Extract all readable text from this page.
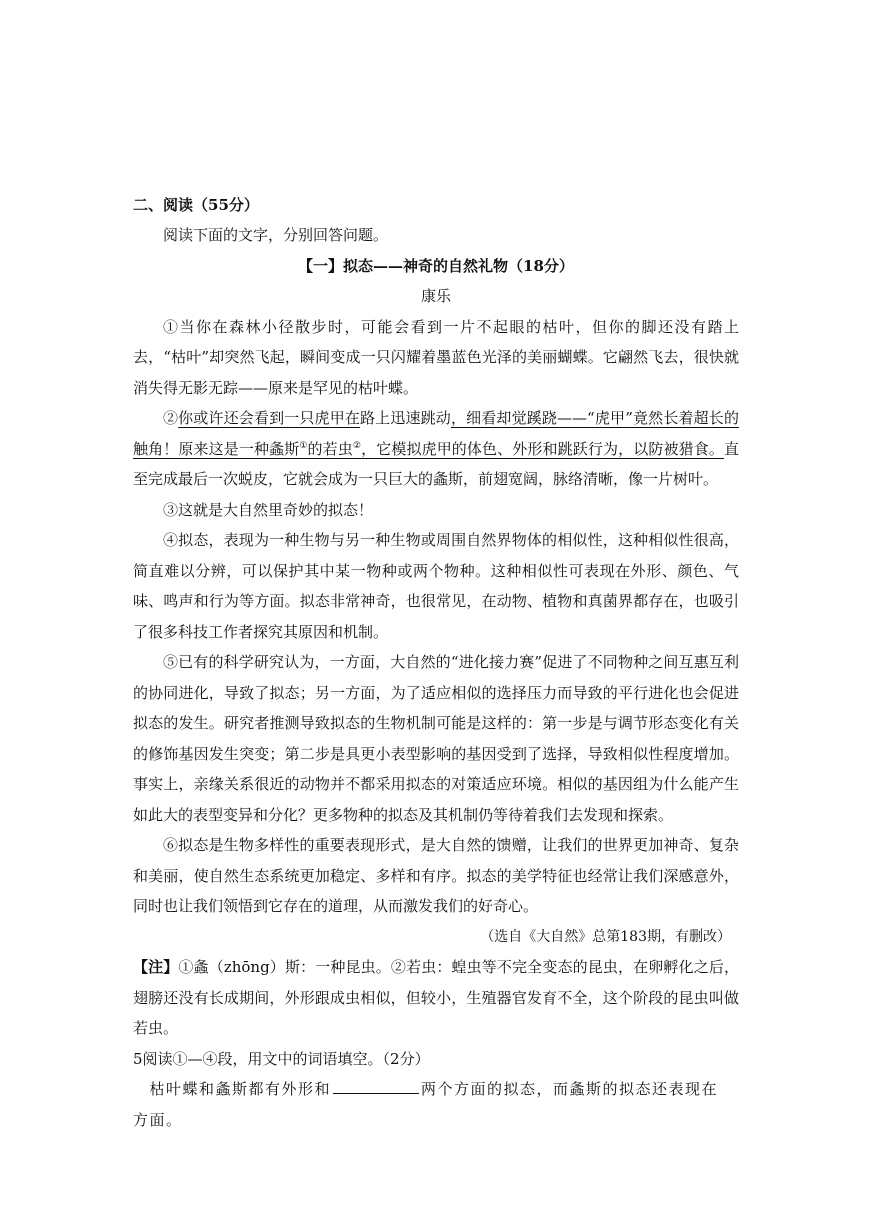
二、阅读（55分）

阅读下面的文字，分别回答问题。

【一】拟态——神奇的自然礼物（18分）

康乐

①当你在森林小径散步时，可能会看到一片不起眼的枯叶，但你的脚还没有踏上去，“枯叶”却突然飞起，瞬间变成一只闪耀着墨蓝色光泽的美丽蝴蝶。它翩然飞去，很快就消失得无影无踪——原来是罕见的枯叶蝶。

②你或许还会看到一只虎甲在路上迅速跳动，细看却觉蹊跷——“虎甲”竟然长着超长的触角！原来这是一种螽斯①的若虫②，它模拟虎甲的体色、外形和跳跃行为，以防被猎食。直至完成最后一次蜕皮，它就会成为一只巨大的螽斯，前翅宽阔，脉络清晰，像一片树叶。

③这就是大自然里奇妙的拟态！

④拟态，表现为一种生物与另一种生物或周围自然界物体的相似性，这种相似性很高，简直难以分辨，可以保护其中某一物种或两个物种。这种相似性可表现在外形、颜色、气味、鸣声和行为等方面。拟态非常神奇，也很常见，在动物、植物和真菌界都存在，也吸引了很多科技工作者探究其原因和机制。

⑤已有的科学研究认为，一方面，大自然的“进化接力赛”促进了不同物种之间互惠互利的协同进化，导致了拟态；另一方面，为了适应相似的选择压力而导致的平行进化也会促进拟态的发生。研究者推测导致拟态的生物机制可能是这样的：第一步是与调节形态变化有关的修饰基因发生突变；第二步是具更小表型影响的基因受到了选择，导致相似性程度增加。事实上，亲缘关系很近的动物并不都采用拟态的对策适应环境。相似的基因组为什么能产生如此大的表型变异和分化？更多物种的拟态及其机制仍等待着我们去发现和探索。

⑥拟态是生物多样性的重要表现形式，是大自然的馈赠，让我们的世界更加神奇、复杂和美丽，使自然生态系统更加稳定、多样和有序。拟态的美学特征也经常让我们深感意外，同时也让我们领悟到它存在的道理，从而激发我们的好奇心。

（选自《大自然》总第183期，有删改）

【注】①螽（zhōng）斯：一种昆虫。②若虫：蝗虫等不完全变态的昆虫，在卵孵化之后，翅膀还没有长成期间，外形跟成虫相似，但较小，生殖器官发育不全，这个阶段的昆虫叫做若虫。

5阅读①—④段，用文中的词语填空。（2分）

　枯叶蝶和螽斯都有外形和	两个方面的拟态，而螽斯的拟态还表现在
方面。
